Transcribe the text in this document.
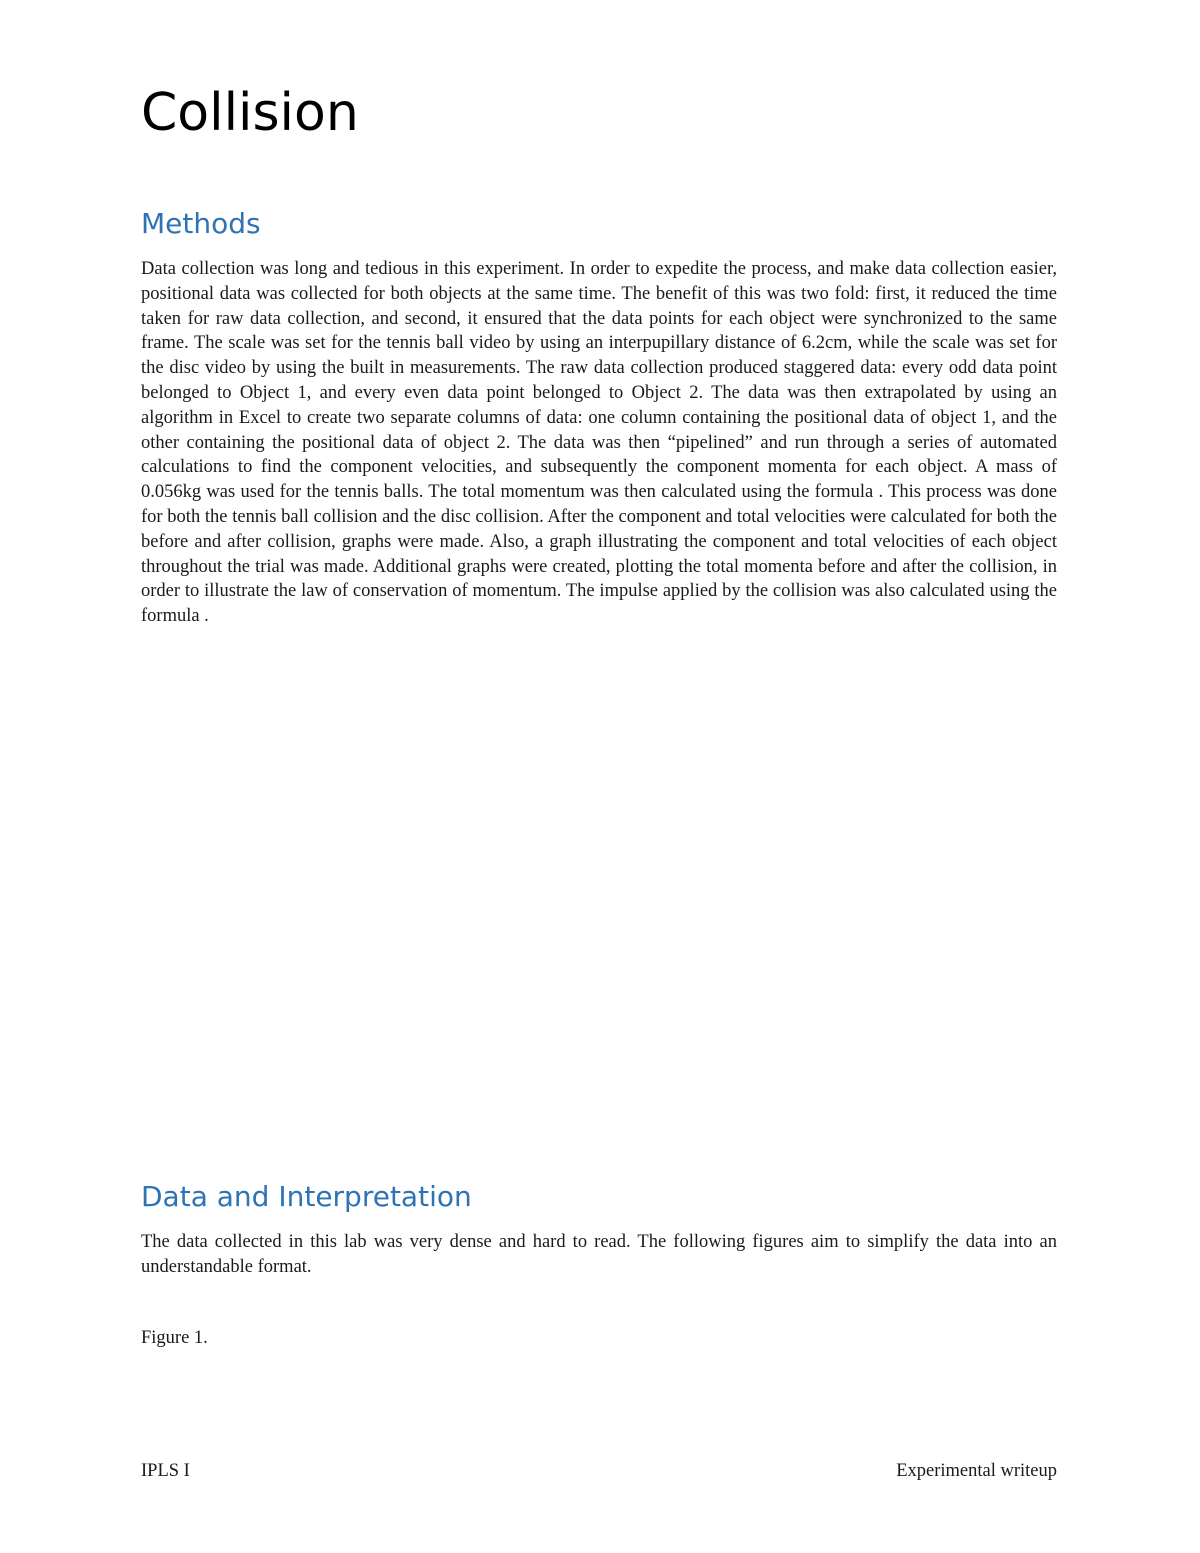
Collision
Methods

Data collection was long and tedious in this experiment. In order to expedite the process, and make data collection easier, positional data was collected for both objects at the same time. The benefit of this was two fold: first, it reduced the time taken for raw data collection, and second, it ensured that the data points for each object were synchronized to the same frame. The scale was set for the tennis ball video by using an interpupillary distance of 6.2cm, while the scale was set for the disc video by using the built in measurements. The raw data collection produced staggered data: every odd data point belonged to Object 1, and every even data point belonged to Object 2. The data was then extrapolated by using an algorithm in Excel to create two separate columns of data: one column containing the positional data of object 1, and the other containing the positional data of object 2. The data was then “pipelined” and run through a series of automated calculations to find the component velocities, and subsequently the component momenta for each object. A mass of 0.056kg was used for the tennis balls. The total momentum was then calculated using the formula . This process was done for both the tennis ball collision and the disc collision. After the component and total velocities were calculated for both the before and after collision, graphs were made. Also, a graph illustrating the component and total velocities of each object throughout the trial was made. Additional graphs were created, plotting the total momenta before and after the collision, in order to illustrate the law of conservation of momentum. The impulse applied by the collision was also calculated using the formula .

Data and Interpretation

The data collected in this lab was very dense and hard to read. The following figures aim to simplify the data into an understandable format.

Figure 1.

IPLS I	Experimental writeup
